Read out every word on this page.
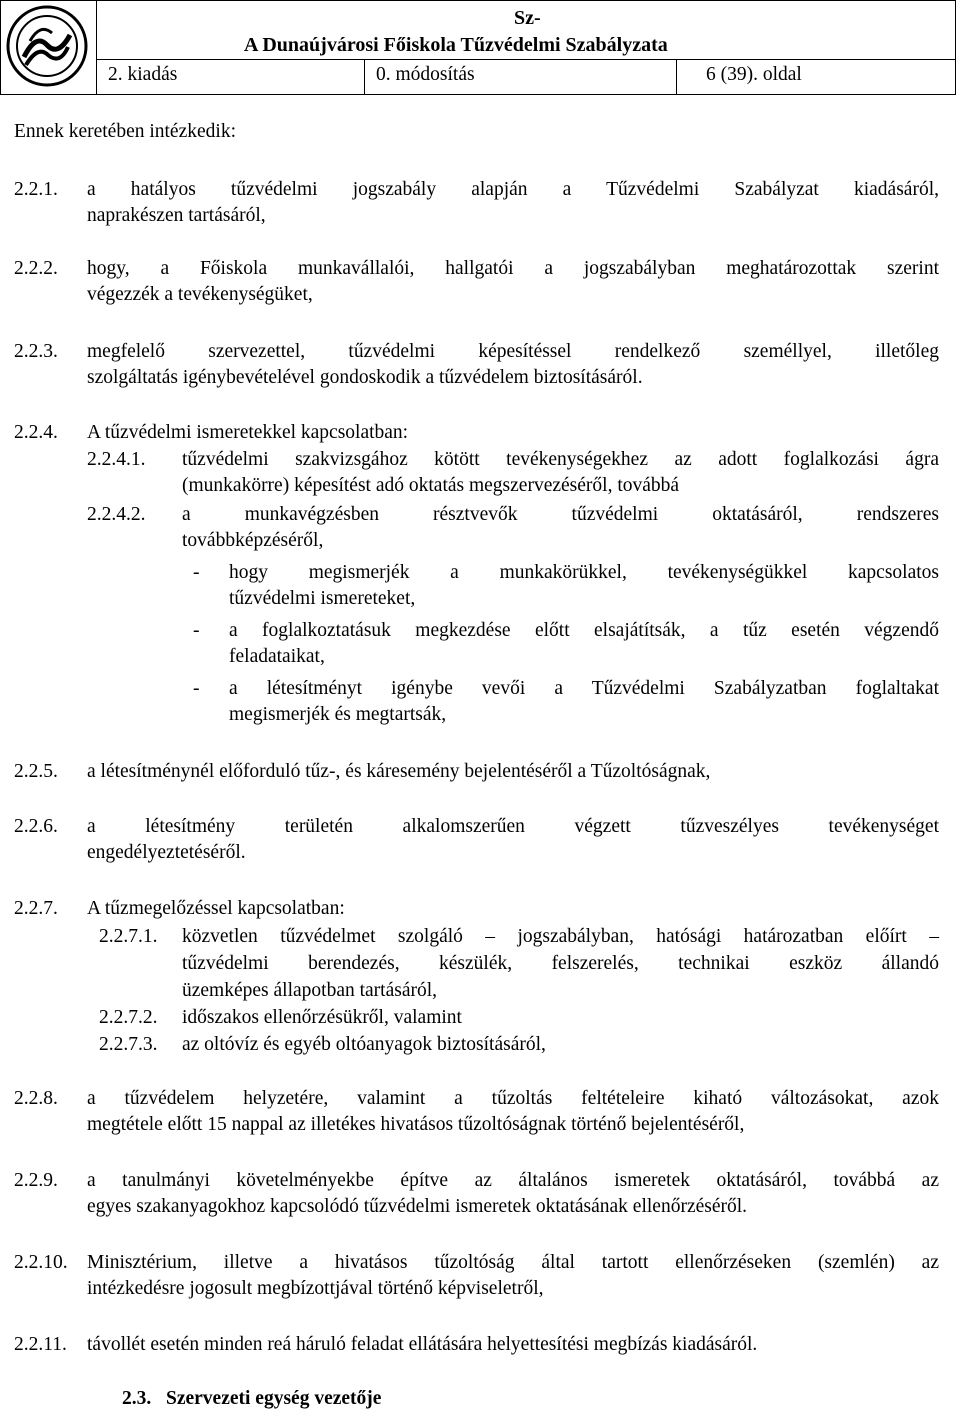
Sz-
A Dunaújvárosi Főiskola Tűzvédelmi Szabályzata
2. kiadás	0. módosítás	6 (39). oldal
Ennek keretében intézkedik:
2.2.1. a hatályos tűzvédelmi jogszabály alapján a Tűzvédelmi Szabályzat kiadásáról,
naprakészen tartásáról,
2.2.2. hogy, a Főiskola munkavállalói, hallgatói a jogszabályban meghatározottak szerint
végezzék a tevékenységüket,
2.2.3. megfelelő szervezettel, tűzvédelmi képesítéssel rendelkező személlyel, illetőleg
szolgáltatás igénybevételével gondoskodik a tűzvédelem biztosításáról.
2.2.4. A tűzvédelmi ismeretekkel kapcsolatban:
2.2.4.1. tűzvédelmi szakvizsgához kötött tevékenységekhez az adott foglalkozási ágra
(munkakörre) képesítést adó oktatás megszervezéséről, továbbá
2.2.4.2. a munkavégzésben résztvevők tűzvédelmi oktatásáról, rendszeres
továbbképzéséről,
- hogy megismerjék a munkakörükkel, tevékenységükkel kapcsolatos
tűzvédelmi ismereteket,
- a foglalkoztatásuk megkezdése előtt elsajátítsák, a tűz esetén végzendő
feladataikat,
- a létesítményt igénybe vevői a Tűzvédelmi Szabályzatban foglaltakat
megismerjék és megtartsák,
2.2.5. a létesítménynél előforduló tűz-, és káresemény bejelentéséről a Tűzoltóságnak,
2.2.6. a létesítmény területén alkalomszerűen végzett tűzveszélyes tevékenységet
engedélyeztetéséről.
2.2.7. A tűzmegelőzéssel kapcsolatban:
2.2.7.1. közvetlen tűzvédelmet szolgáló – jogszabályban, hatósági határozatban előírt –
tűzvédelmi berendezés, készülék, felszerelés, technikai eszköz állandó
üzemképes állapotban tartásáról,
2.2.7.2. időszakos ellenőrzésükről, valamint
2.2.7.3. az oltóvíz és egyéb oltóanyagok biztosításáról,
2.2.8. a tűzvédelem helyzetére, valamint a tűzoltás feltételeire kiható változásokat, azok
megtétele előtt 15 nappal az illetékes hivatásos tűzoltóságnak történő bejelentéséről,
2.2.9. a tanulmányi követelményekbe építve az általános ismeretek oktatásáról, továbbá az
egyes szakanyagokhoz kapcsolódó tűzvédelmi ismeretek oktatásának ellenőrzéséről.
2.2.10. Minisztérium, illetve a hivatásos tűzoltóság által tartott ellenőrzéseken (szemlén) az
intézkedésre jogosult megbízottjával történő képviseletről,
2.2.11. távollét esetén minden reá háruló feladat ellátására helyettesítési megbízás kiadásáról.
2.3. Szervezeti egység vezetője
